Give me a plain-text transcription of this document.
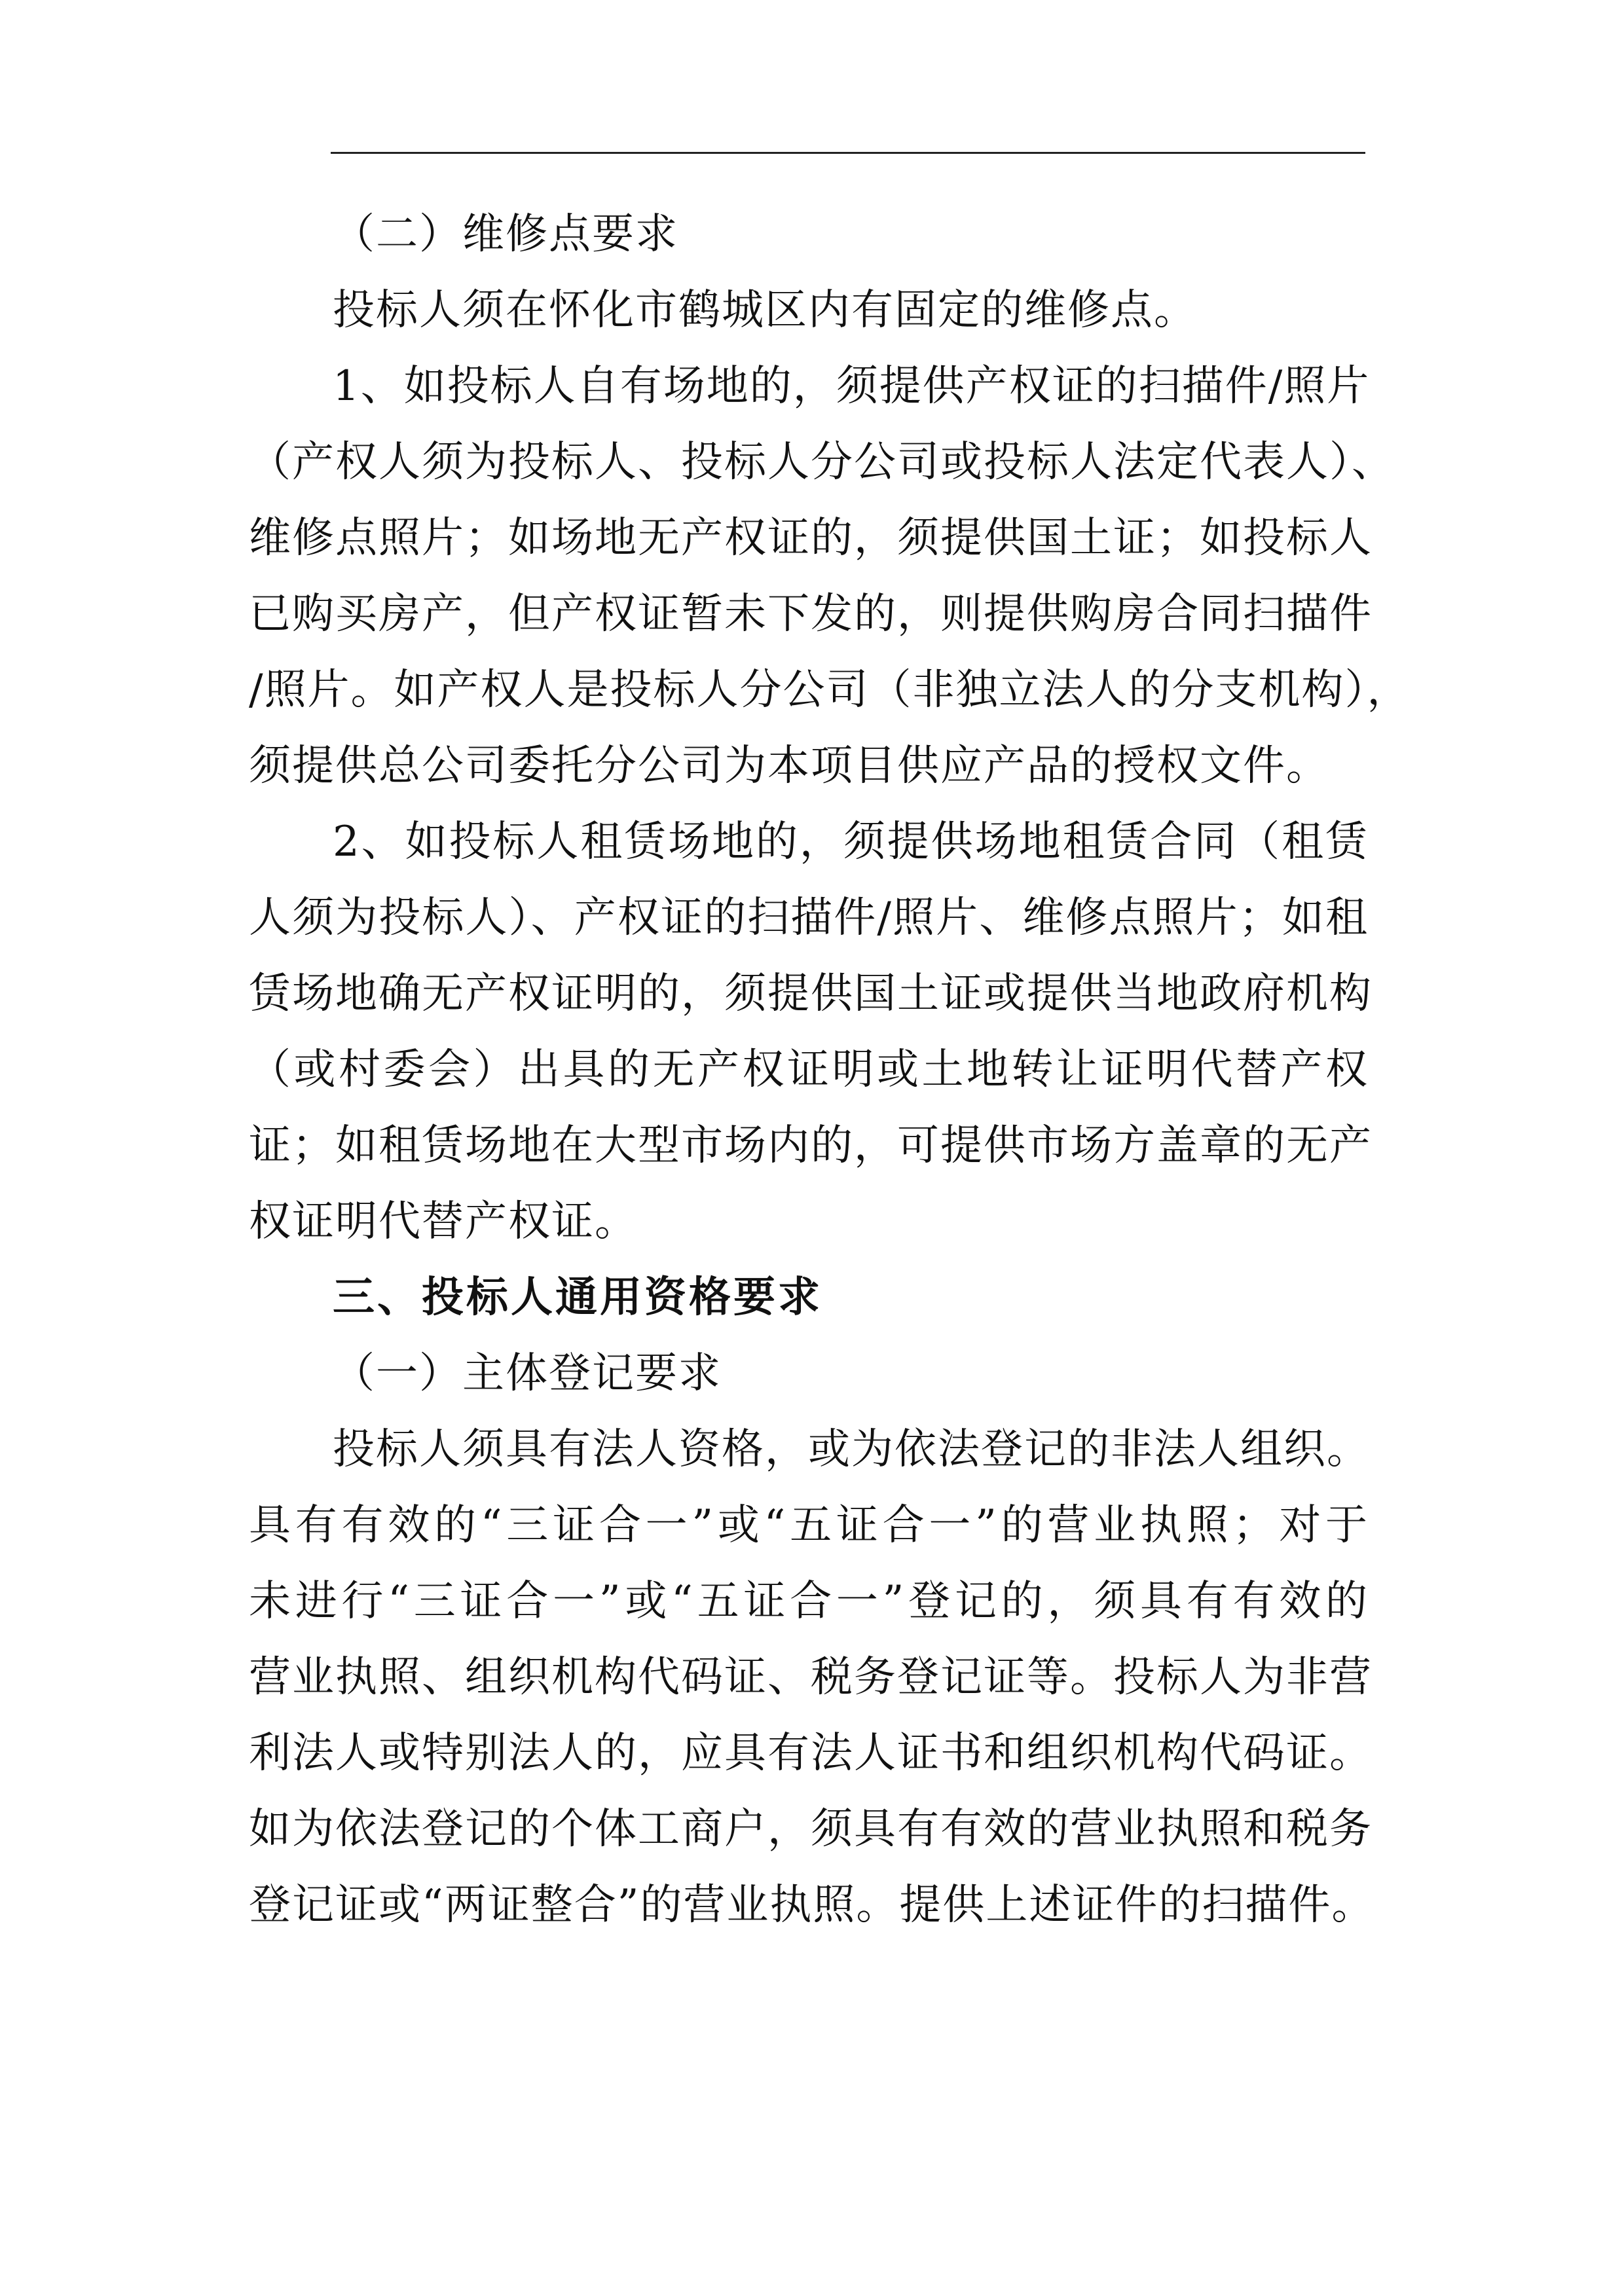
（二）维修点要求
投标人须在怀化市鹤城区内有固定的维修点。
1、如投标人自有场地的，须提供产权证的扫描件/照片
（产权人须为投标人、投标人分公司或投标人法定代表人）、
维修点照片；如场地无产权证的，须提供国土证；如投标人
已购买房产，但产权证暂未下发的，则提供购房合同扫描件
/照片。如产权人是投标人分公司（非独立法人的分支机构），
须提供总公司委托分公司为本项目供应产品的授权文件。
2、如投标人租赁场地的，须提供场地租赁合同（租赁
人须为投标人）、产权证的扫描件/照片、维修点照片；如租
赁场地确无产权证明的，须提供国土证或提供当地政府机构
（或村委会）出具的无产权证明或土地转让证明代替产权
证；如租赁场地在大型市场内的，可提供市场方盖章的无产
权证明代替产权证。
三、投标人通用资格要求
（一）主体登记要求
投标人须具有法人资格，或为依法登记的非法人组织。
具有有效的“三证合一”或“五证合一”的营业执照；对于
未进行“三证合一”或“五证合一”登记的，须具有有效的
营业执照、组织机构代码证、税务登记证等。投标人为非营
利法人或特别法人的，应具有法人证书和组织机构代码证。
如为依法登记的个体工商户，须具有有效的营业执照和税务
登记证或“两证整合”的营业执照。提供上述证件的扫描件。
